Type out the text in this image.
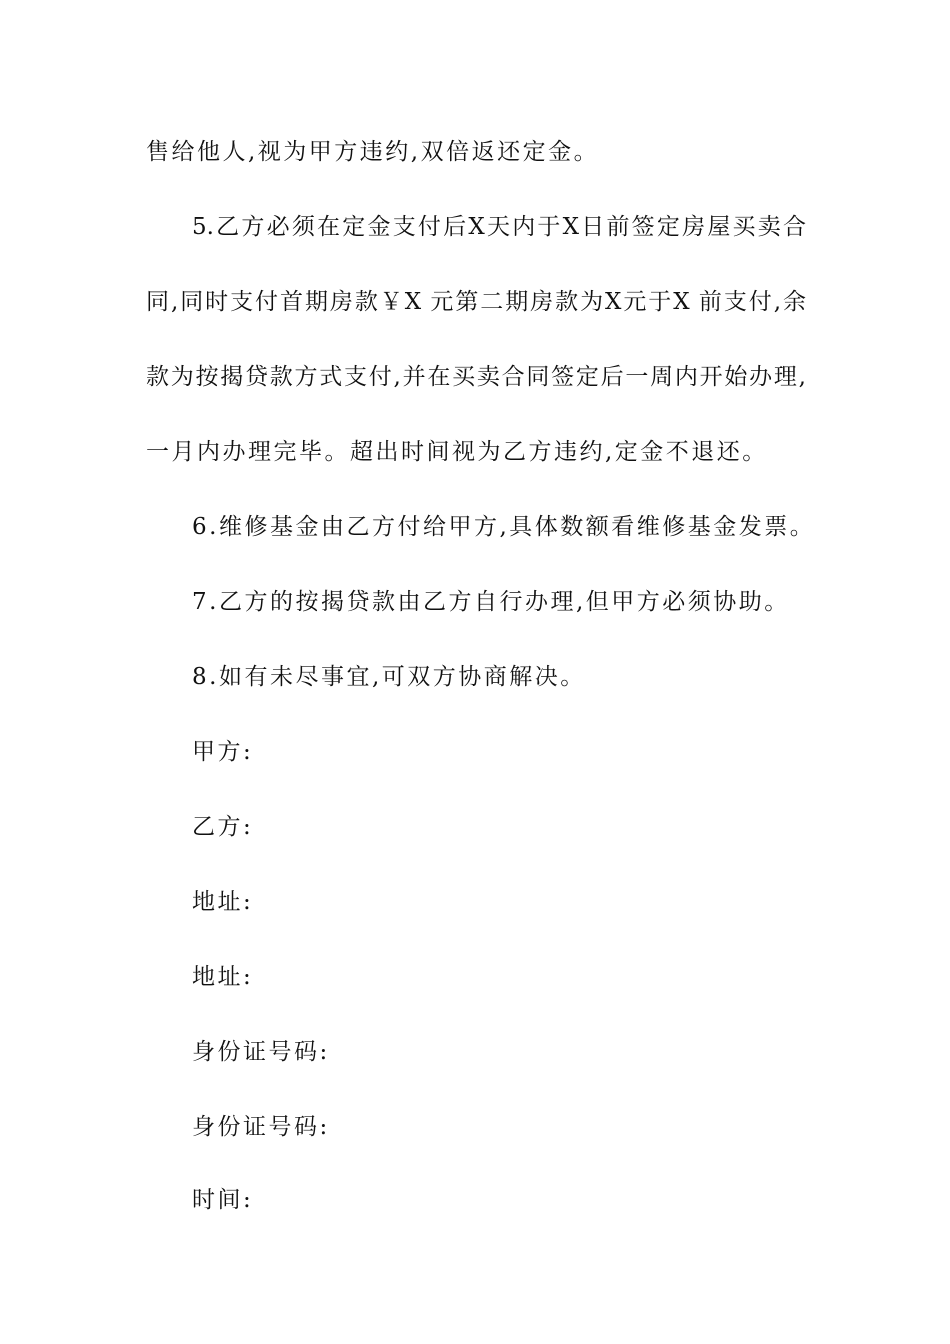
售给他人,视为甲方违约,双倍返还定金。
5.乙方必须在定金支付后X天内于X日前签定房屋买卖合
同,同时支付首期房款￥X 元第二期房款为X元于X 前支付,余
款为按揭贷款方式支付,并在买卖合同签定后一周内开始办理,
一月内办理完毕。超出时间视为乙方违约,定金不退还。
6.维修基金由乙方付给甲方,具体数额看维修基金发票。
7.乙方的按揭贷款由乙方自行办理,但甲方必须协助。
8.如有未尽事宜,可双方协商解决。
甲方:
乙方:
地址:
地址:
身份证号码:
身份证号码:
时间:
